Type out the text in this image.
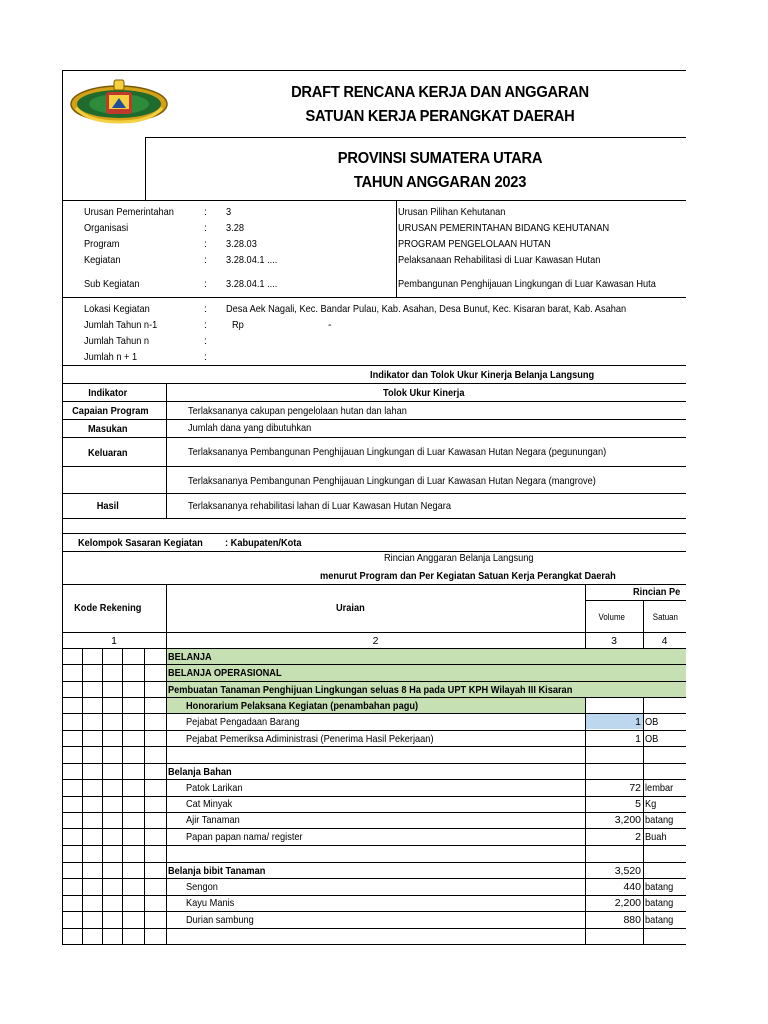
DRAFT RENCANA KERJA DAN ANGGARAN
SATUAN KERJA PERANGKAT DAERAH
PROVINSI SUMATERA UTARA
TAHUN ANGGARAN 2023
Urusan Pemerintahan	: 3	Urusan Pilihan Kehutanan
Organisasi	: 3.28	URUSAN PEMERINTAHAN BIDANG KEHUTANAN
Program	: 3.28.03	PROGRAM PENGELOLAAN HUTAN
Kegiatan	: 3.28.04.1 ....	Pelaksanaan Rehabilitasi di Luar Kawasan Hutan
Sub Kegiatan	: 3.28.04.1 ....	Pembangunan Penghijauan Lingkungan di Luar Kawasan Huta
Lokasi Kegiatan	: Desa Aek Nagali, Kec. Bandar Pulau, Kab. Asahan, Desa Bunut, Kec. Kisaran barat, Kab. Asahan
Jumlah Tahun n-1	: Rp	-
Jumlah Tahun n	:
Jumlah n + 1	:
Indikator dan Tolok Ukur Kinerja Belanja Langsung
Indikator	Tolok Ukur Kinerja
Capaian Program	Terlaksananya cakupan pengelolaan hutan dan lahan
Masukan	Jumlah dana yang dibutuhkan
Keluaran	Terlaksananya Pembangunan Penghijauan Lingkungan di Luar Kawasan Hutan Negara (pegunungan)
Terlaksananya Pembangunan Penghijauan Lingkungan di Luar Kawasan Hutan Negara (mangrove)
Hasil	Terlaksananya rehabilitasi lahan di Luar Kawasan Hutan Negara
Kelompok Sasaran Kegiatan : Kabupaten/Kota
Rincian Anggaran Belanja Langsung
menurut Program dan Per Kegiatan Satuan Kerja Perangkat Daerah
Rincian Pe
Kode Rekening	Uraian
Volume	Satuan
1	2	3	4
BELANJA
BELANJA OPERASIONAL
Pembuatan Tanaman Penghijuan Lingkungan seluas 8 Ha pada UPT KPH Wilayah III Kisaran
Honorarium Pelaksana Kegiatan (penambahan pagu)
Pejabat Pengadaan Barang	1 OB
Pejabat Pemeriksa Adiministrasi (Penerima Hasil Pekerjaan)	1 OB
Belanja Bahan
Patok Larikan	72 lembar
Cat Minyak	5 Kg
Ajir Tanaman	3,200 batang
Papan papan nama/ register	2 Buah
Belanja bibit Tanaman	3,520
Sengon	440 batang
Kayu Manis	2,200 batang
Durian sambung	880 batang
